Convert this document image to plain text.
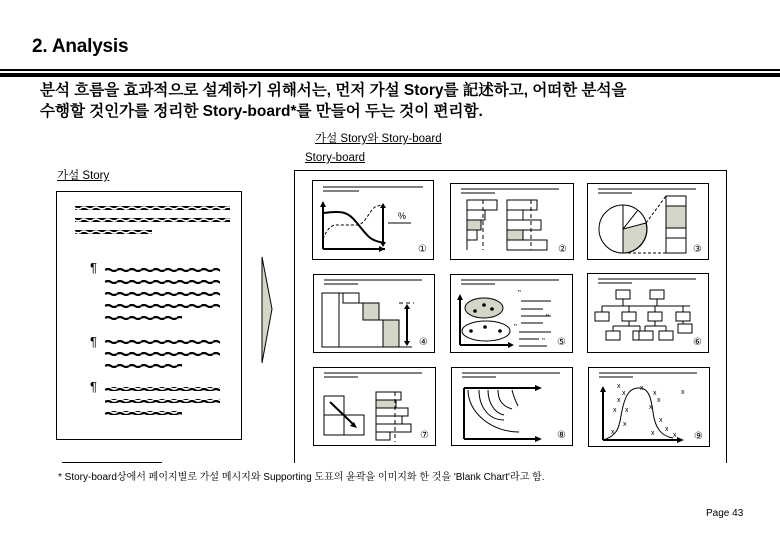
2. Analysis
분석 흐름을 효과적으로 설계하기 위해서는, 먼저 가설 Story를 記述하고, 어떠한 분석을
수행할 것인가를 정리한 Story-board*를 만들어 두는 것이 편리함.
가설 Story와 Story-board
Story-board
가설 Story
¶
¶
¶
%
①	②	③
④
"
"
"
" ⑤	⑥
⑦	⑧
x
x
x
x
x x
x
x
x
x
x
x
x
x
x
x
⑨
* Story-board상에서 페이지별로 가설 메시지와 Supporting 도표의 윤곽을 이미지화 한 것을 'Blank Chart'라고 함.
Page 43
